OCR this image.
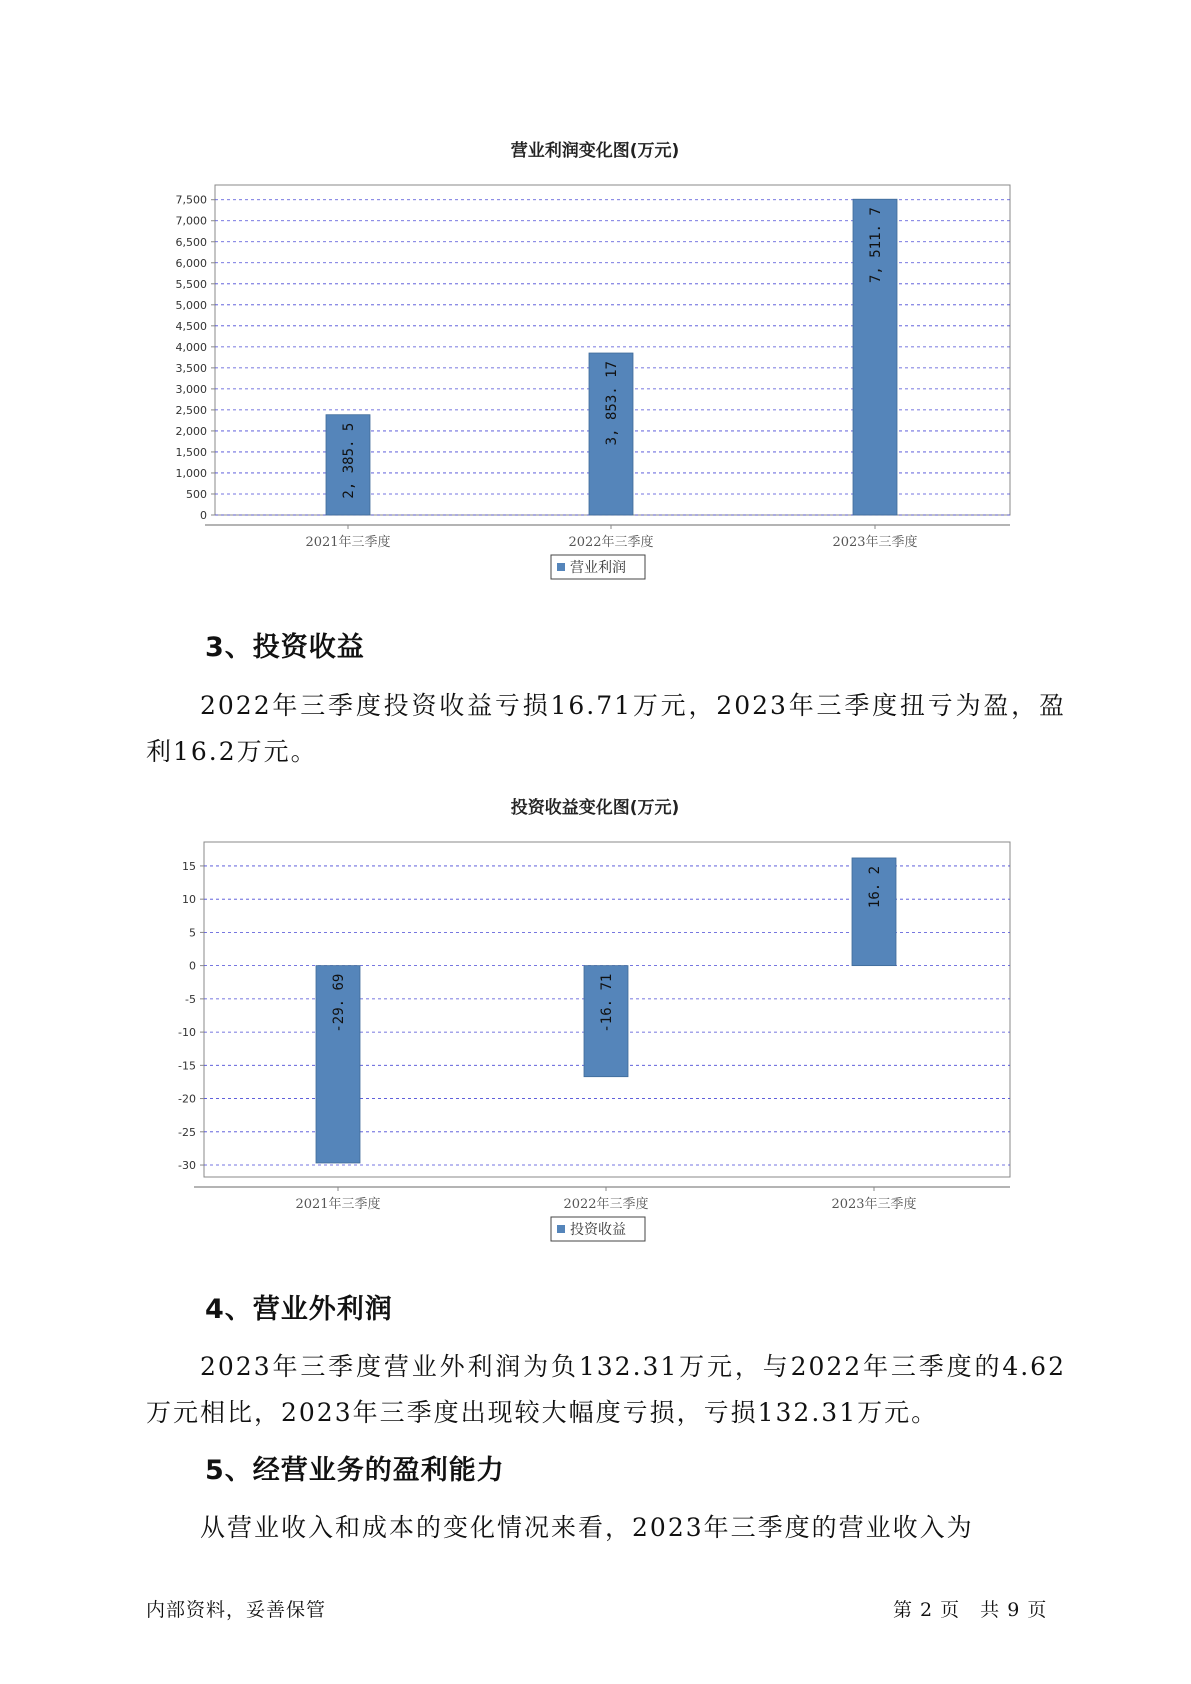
营业利润变化图(万元)
0
500
1,000
1,500
2,000
2,500
3,000
3,500
4,000
4,500
5,000
5,500
6,000
6,500
7,000
7,500
2, 385. 5
2021年三季度
3, 853. 17
2022年三季度
7, 511. 7
2023年三季度
营业利润
3、投资收益

2022年三季度投资收益亏损16.71万元，2023年三季度扭亏为盈，盈利16.2万元。

投资收益变化图(万元)
-30
-25
-20
-15
-10
-5
0
5
10
15
-29. 69
2021年三季度
-16. 71
2022年三季度
16. 2
2023年三季度
投资收益
4、营业外利润

2023年三季度营业外利润为负132.31万元，与2022年三季度的4.62万元相比，2023年三季度出现较大幅度亏损，亏损132.31万元。

5、经营业务的盈利能力

从营业收入和成本的变化情况来看，2023年三季度的营业收入为

内部资料，妥善保管	第 2 页　共 9 页
